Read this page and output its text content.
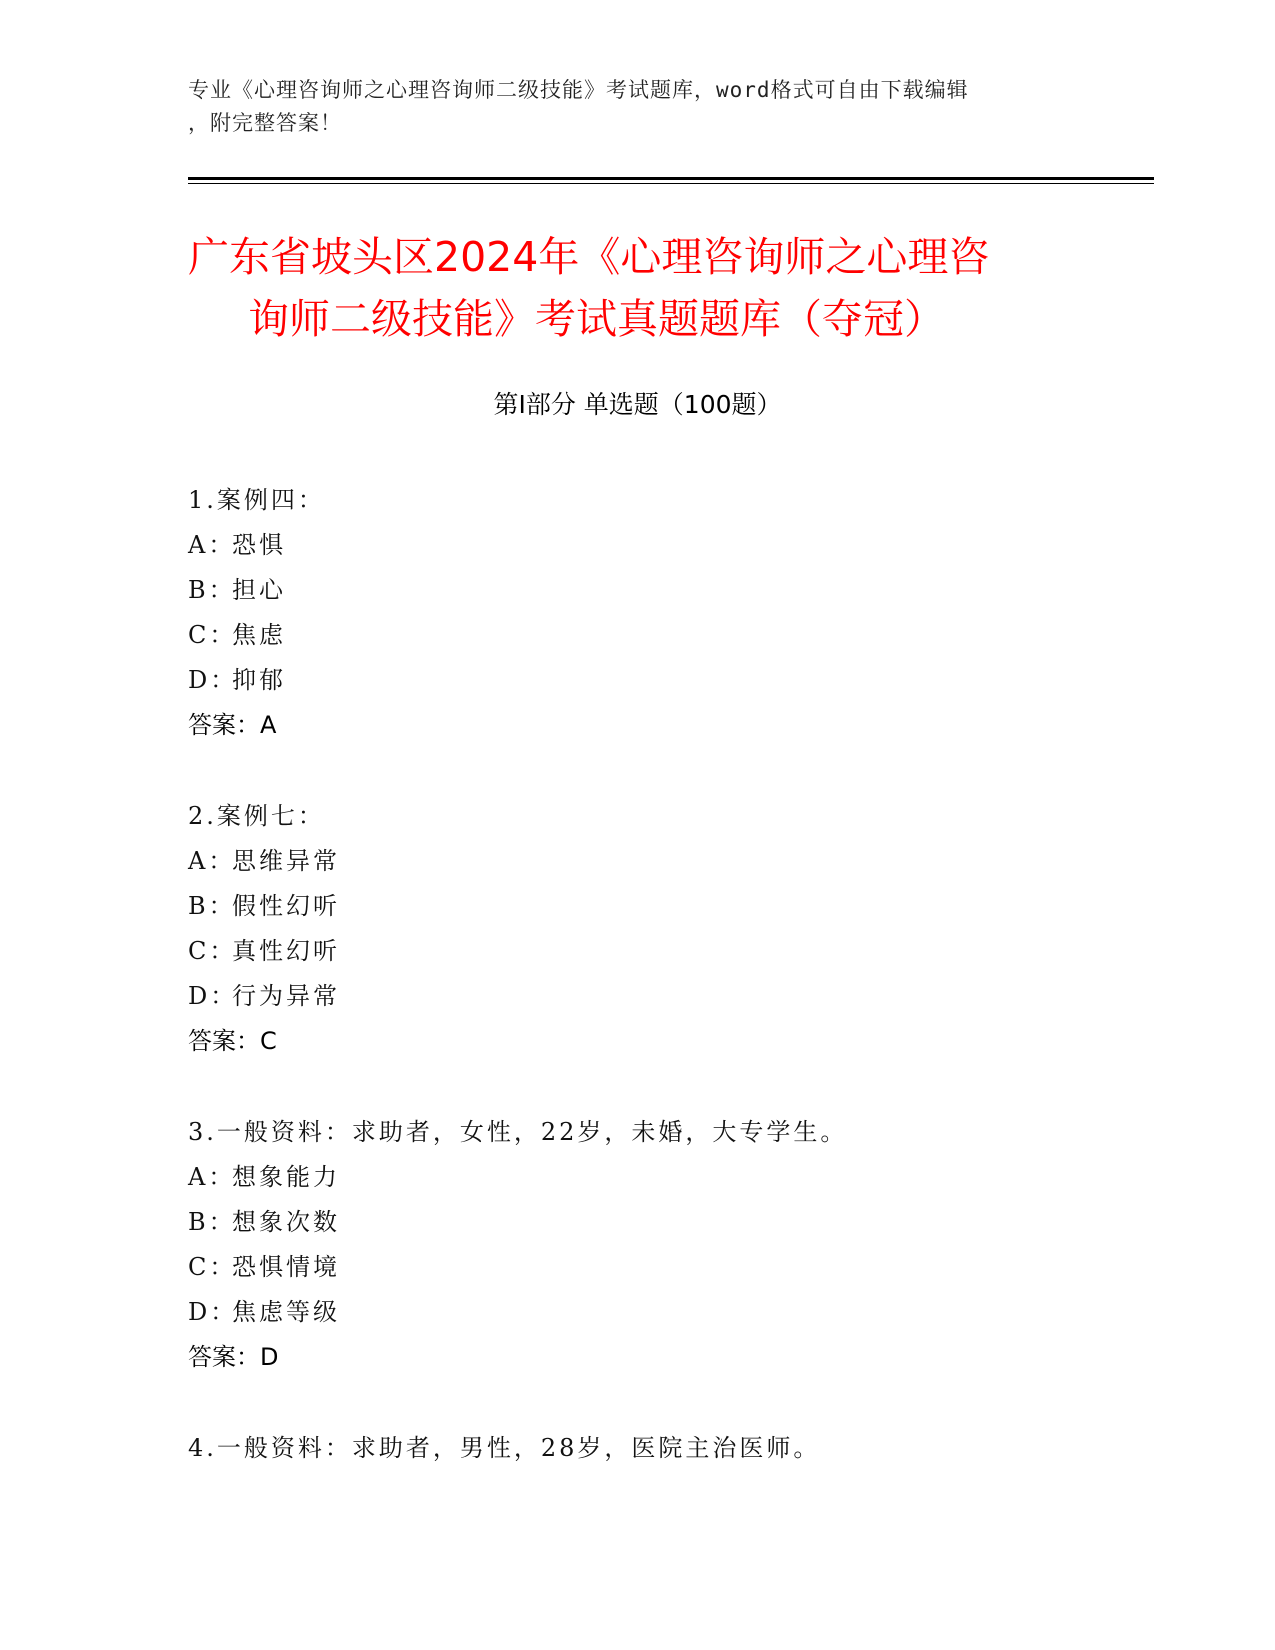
专业《心理咨询师之心理咨询师二级技能》考试题库，word格式可自由下载编辑
，附完整答案！
广东省坡头区2024年《心理咨询师之心理咨
询师二级技能》考试真题题库（夺冠）
第Ⅰ部分 单选题（100题）
1.案例四：
A：恐惧
B：担心
C：焦虑
D：抑郁
答案：A
2.案例七：
A：思维异常
B：假性幻听
C：真性幻听
D：行为异常
答案：C
3.一般资料：求助者，女性，22岁，未婚，大专学生。
A：想象能力
B：想象次数
C：恐惧情境
D：焦虑等级
答案：D
4.一般资料：求助者，男性，28岁，医院主治医师。
